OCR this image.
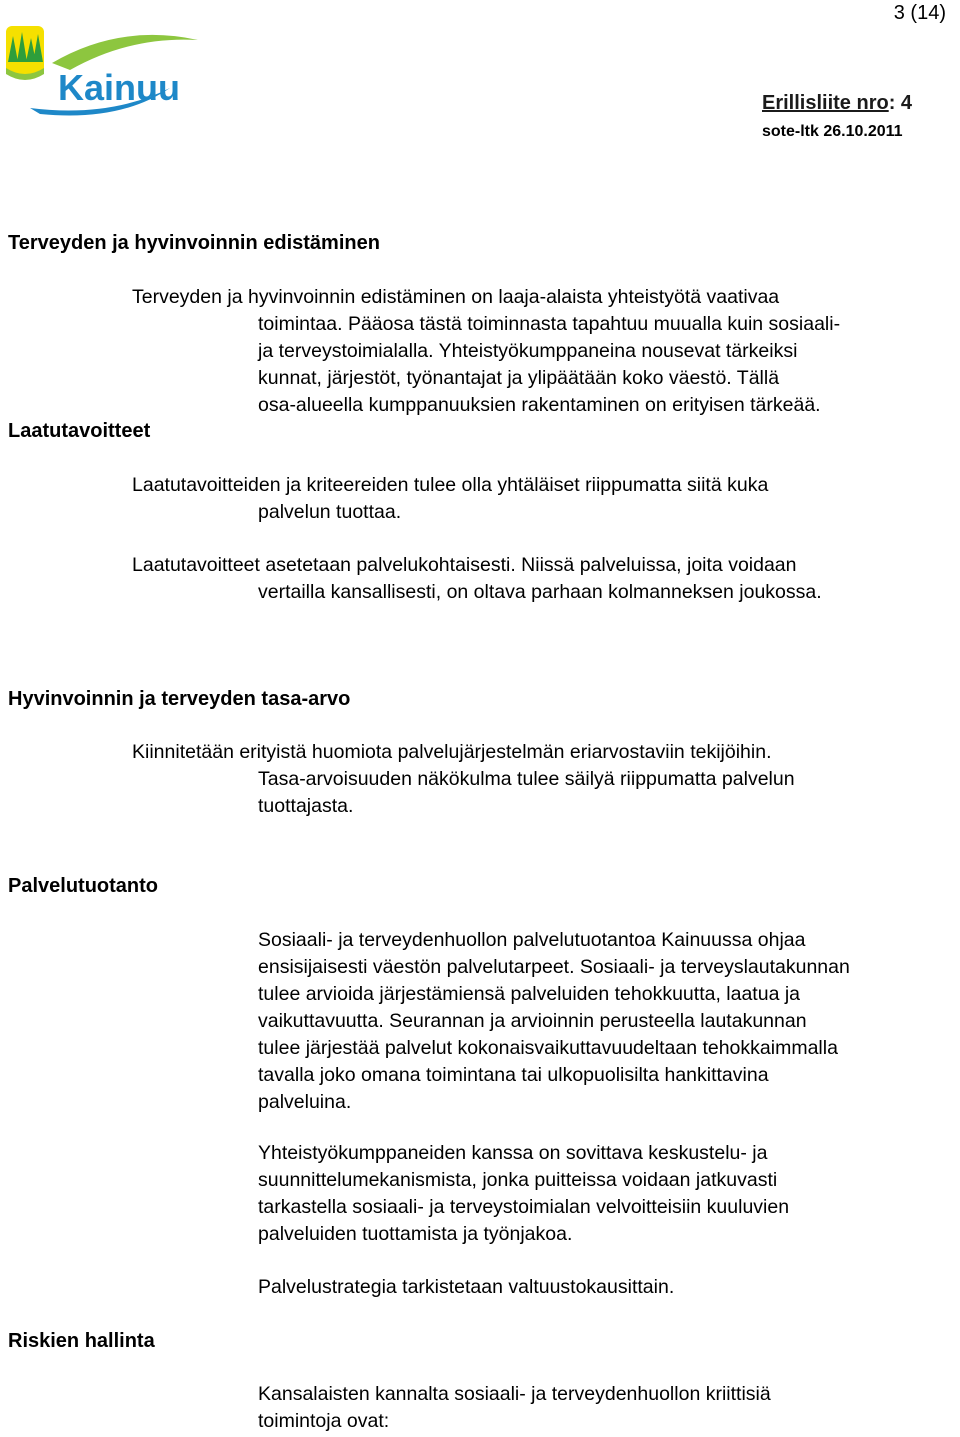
Kainuu
3 (14)
Erillisliite nro: 4
sote-ltk 26.10.2011
Terveyden ja hyvinvoinnin edistäminen
Terveyden ja hyvinvoinnin edistäminen on laaja-alaista yhteistyötä vaativaa
toimintaa. Pääosa tästä toiminnasta tapahtuu muualla kuin sosiaali-
ja terveystoimialalla. Yhteistyökumppaneina nousevat tärkeiksi
kunnat, järjestöt, työnantajat ja ylipäätään koko väestö. Tällä
osa-alueella kumppanuuksien rakentaminen on erityisen tärkeää.
Laatutavoitteet
Laatutavoitteiden ja kriteereiden tulee olla yhtäläiset riippumatta siitä kuka
palvelun tuottaa.
Laatutavoitteet asetetaan palvelukohtaisesti. Niissä palveluissa, joita voidaan
vertailla kansallisesti, on oltava parhaan kolmanneksen joukossa.
Hyvinvoinnin ja terveyden tasa-arvo
Kiinnitetään erityistä huomiota palvelujärjestelmän eriarvostaviin tekijöihin.
Tasa-arvoisuuden näkökulma tulee säilyä riippumatta palvelun
tuottajasta.
Palvelutuotanto
Sosiaali- ja terveydenhuollon palvelutuotantoa Kainuussa ohjaa
ensisijaisesti väestön palvelutarpeet. Sosiaali- ja terveyslautakunnan
tulee arvioida järjestämiensä palveluiden tehokkuutta, laatua ja
vaikuttavuutta. Seurannan ja arvioinnin perusteella lautakunnan
tulee järjestää palvelut kokonaisvaikuttavuudeltaan tehokkaimmalla
tavalla joko omana toimintana tai ulkopuolisilta hankittavina
palveluina.
Yhteistyökumppaneiden kanssa on sovittava keskustelu- ja
suunnittelumekanismista, jonka puitteissa voidaan jatkuvasti
tarkastella sosiaali- ja terveystoimialan velvoitteisiin kuuluvien
palveluiden tuottamista ja työnjakoa.
Palvelustrategia tarkistetaan valtuustokausittain.
Riskien hallinta
Kansalaisten kannalta sosiaali- ja terveydenhuollon kriittisiä
toimintoja ovat:
